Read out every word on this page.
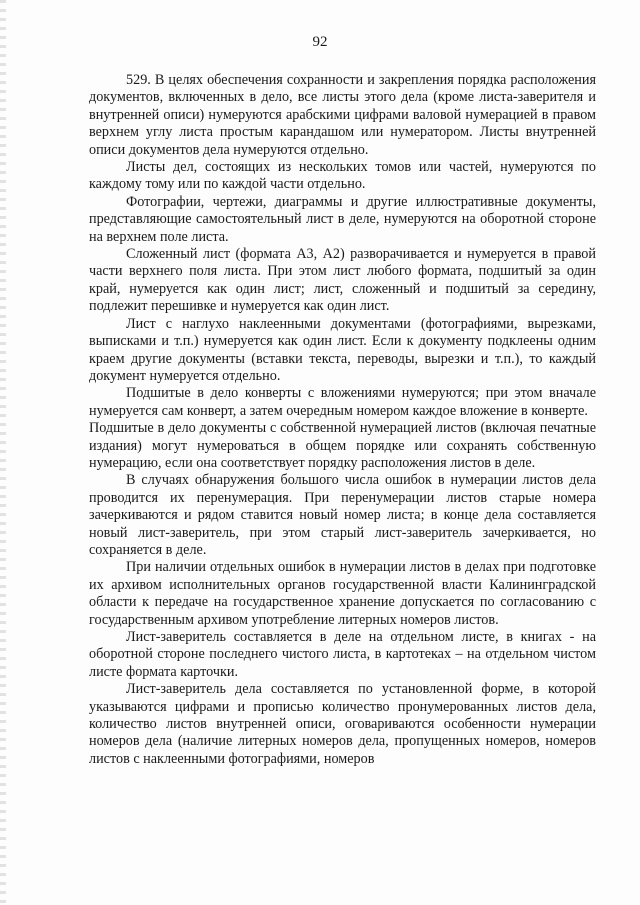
92

529. В целях обеспечения сохранности и закрепления порядка расположения документов, включенных в дело, все листы этого дела (кроме листа-заверителя и внутренней описи) нумеруются арабскими цифрами валовой нумерацией в правом верхнем углу листа простым карандашом или нумератором. Листы внутренней описи документов дела нумеруются отдельно.

Листы дел, состоящих из нескольких томов или частей, нумеруются по каждому тому или по каждой части отдельно.

Фотографии, чертежи, диаграммы и другие иллюстративные документы, представляющие самостоятельный лист в деле, нумеруются на оборотной стороне на верхнем поле листа.

Сложенный лист (формата А3, А2) разворачивается и нумеруется в правой части верхнего поля листа. При этом лист любого формата, подшитый за один край, нумеруется как один лист; лист, сложенный и подшитый за середину, подлежит перешивке и нумеруется как один лист.

Лист с наглухо наклеенными документами (фотографиями, вырезками, выписками и т.п.) нумеруется как один лист. Если к документу подклеены одним краем другие документы (вставки текста, переводы, вырезки и т.п.), то каждый документ нумеруется отдельно.

Подшитые в дело конверты с вложениями нумеруются; при этом вначале нумеруется сам конверт, а затем очередным номером каждое вложение в конверте.

Подшитые в дело документы с собственной нумерацией листов (включая печатные издания) могут нумероваться в общем порядке или сохранять собственную нумерацию, если она соответствует порядку расположения листов в деле.

В случаях обнаружения большого числа ошибок в нумерации листов дела проводится их перенумерация. При перенумерации листов старые номера зачеркиваются и рядом ставится новый номер листа; в конце дела составляется новый лист-заверитель, при этом старый лист-заверитель зачеркивается, но сохраняется в деле.

При наличии отдельных ошибок в нумерации листов в делах при подготовке их архивом исполнительных органов государственной власти Калининградской области к передаче на государственное хранение допускается по согласованию с государственным архивом употребление литерных номеров листов.

Лист-заверитель составляется в деле на отдельном листе, в книгах - на оборотной стороне последнего чистого листа, в картотеках – на отдельном чистом листе формата карточки.

Лист-заверитель дела составляется по установленной форме, в которой указываются цифрами и прописью количество пронумерованных листов дела, количество листов внутренней описи, оговариваются особенности нумерации номеров дела (наличие литерных номеров дела, пропущенных номеров, номеров листов с наклеенными фотографиями, номеров
